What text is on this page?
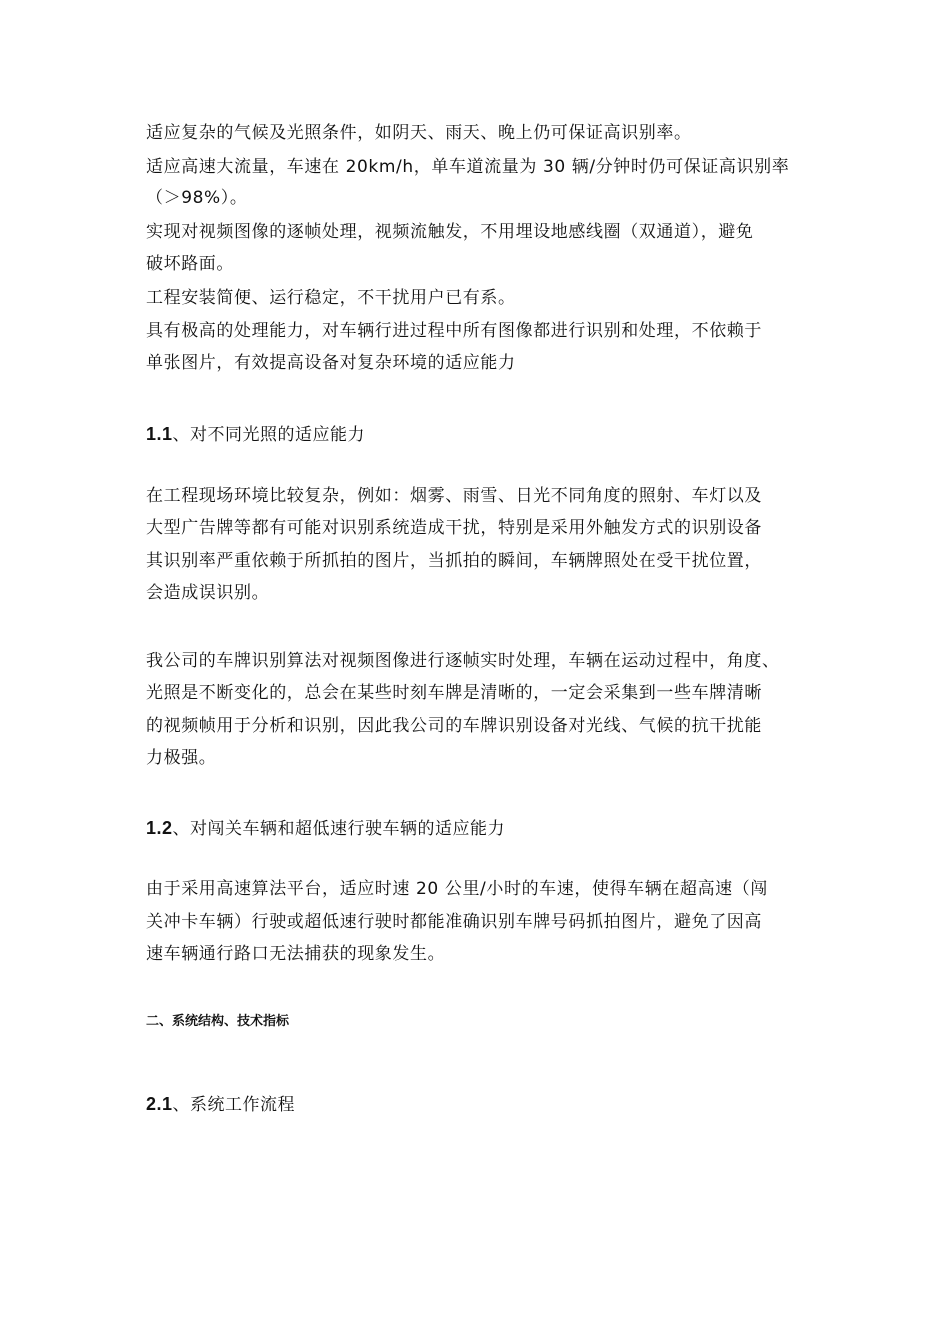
适应复杂的气候及光照条件，如阴天、雨天、晚上仍可保证高识别率。
适应高速大流量，车速在 20km/h，单车道流量为 30 辆/分钟时仍可保证高识别率
（＞98%）。
实现对视频图像的逐帧处理，视频流触发，不用埋设地感线圈（双通道），避免
破坏路面。
工程安装简便、运行稳定，不干扰用户已有系。
具有极高的处理能力，对车辆行进过程中所有图像都进行识别和处理，不依赖于
单张图片，有效提高设备对复杂环境的适应能力
1.1、对不同光照的适应能力
在工程现场环境比较复杂，例如：烟雾、雨雪、日光不同角度的照射、车灯以及
大型广告牌等都有可能对识别系统造成干扰，特别是采用外触发方式的识别设备
其识别率严重依赖于所抓拍的图片，当抓拍的瞬间，车辆牌照处在受干扰位置，
会造成误识别。
我公司的车牌识别算法对视频图像进行逐帧实时处理，车辆在运动过程中，角度、
光照是不断变化的，总会在某些时刻车牌是清晰的，一定会采集到一些车牌清晰
的视频帧用于分析和识别，因此我公司的车牌识别设备对光线、气候的抗干扰能
力极强。
1.2、对闯关车辆和超低速行驶车辆的适应能力
由于采用高速算法平台，适应时速 20 公里/小时的车速，使得车辆在超高速（闯
关冲卡车辆）行驶或超低速行驶时都能准确识别车牌号码抓拍图片，避免了因高
速车辆通行路口无法捕获的现象发生。
二、系统结构、技术指标
2.1、系统工作流程
